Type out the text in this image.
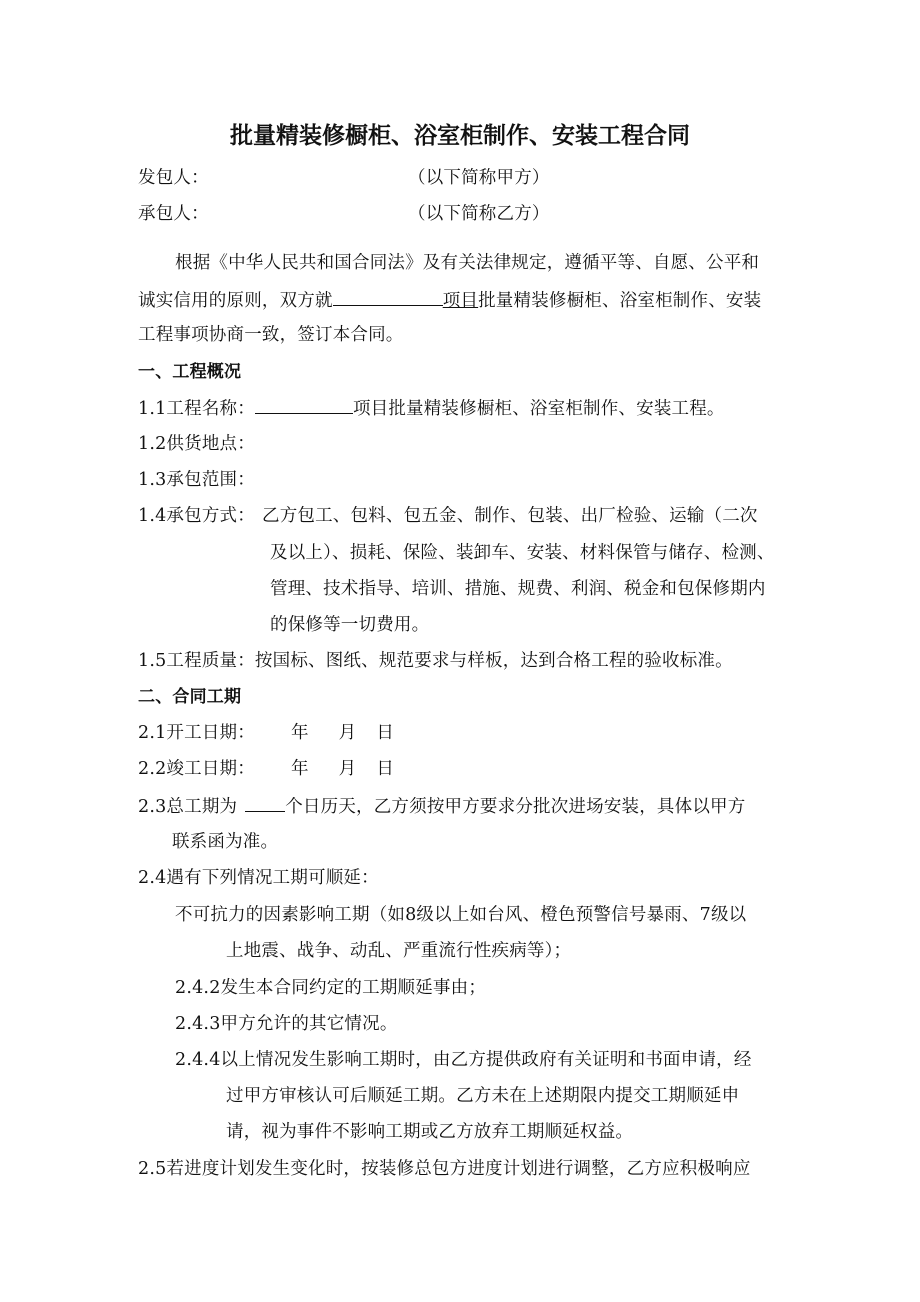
批量精装修橱柜、浴室柜制作、安装工程合同
发包人：	（以下简称甲方）
承包人：	（以下简称乙方）
根据《中华人民共和国合同法》及有关法律规定，遵循平等、自愿、公平和
诚实信用的原则，双方就	项目批量精装修橱柜、浴室柜制作、安装
工程事项协商一致，签订本合同。
一、工程概况
1.1工程名称：	项目批量精装修橱柜、浴室柜制作、安装工程。
1.2供货地点：
1.3承包范围：
1.4承包方式： 乙方包工、包料、包五金、制作、包装、出厂检验、运输（二次
及以上）、损耗、保险、装卸车、安装、材料保管与储存、检测、
管理、技术指导、培训、措施、规费、利润、税金和包保修期内
的保修等一切费用。
1.5工程质量：按国标、图纸、规范要求与样板，达到合格工程的验收标准。
二、合同工期
2.1开工日期： 年 月 日
2.2竣工日期： 年 月 日
2.3总工期为	个日历天，乙方须按甲方要求分批次进场安装，具体以甲方
联系函为准。
2.4遇有下列情况工期可顺延：
不可抗力的因素影响工期（如8级以上如台风、橙色预警信号暴雨、7级以
上地震、战争、动乱、严重流行性疾病等）；
2.4.2发生本合同约定的工期顺延事由；
2.4.3甲方允许的其它情况。
2.4.4以上情况发生影响工期时，由乙方提供政府有关证明和书面申请，经
过甲方审核认可后顺延工期。乙方未在上述期限内提交工期顺延申
请，视为事件不影响工期或乙方放弃工期顺延权益。
2.5若进度计划发生变化时，按装修总包方进度计划进行调整，乙方应积极响应
